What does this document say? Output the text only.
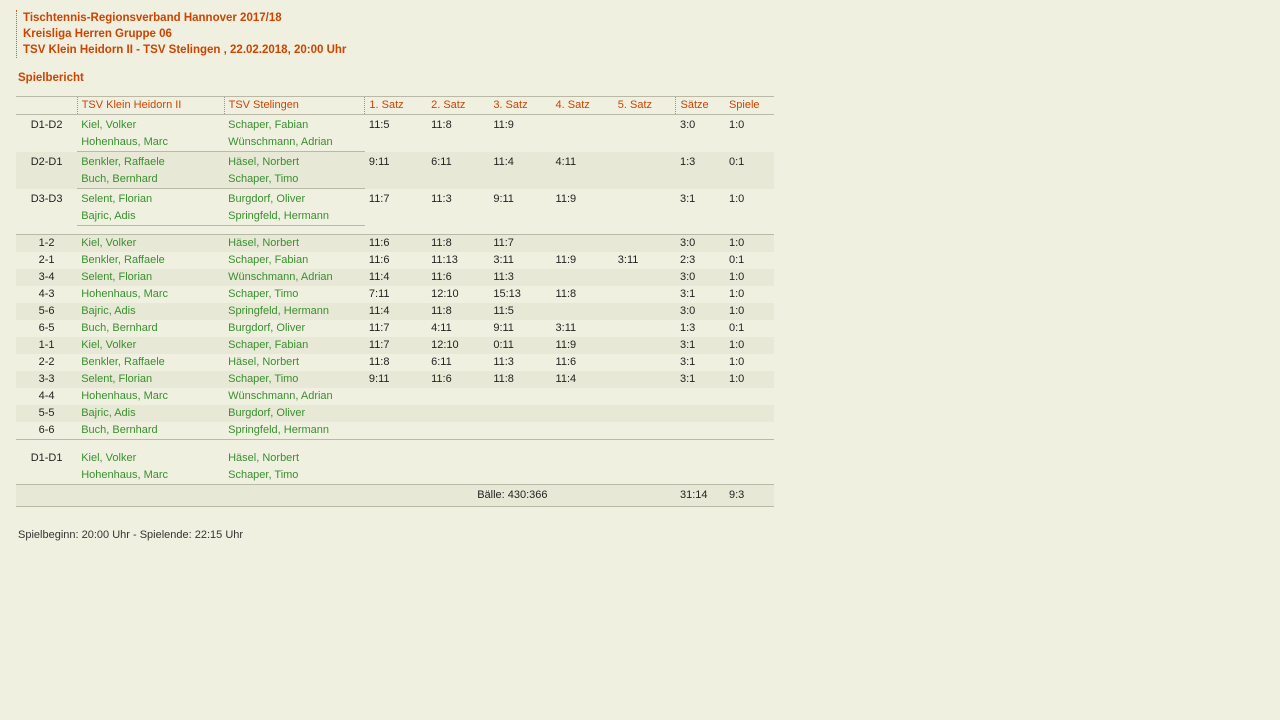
Tischtennis-Regionsverband Hannover 2017/18
Kreisliga Herren Gruppe 06
TSV Klein Heidorn II - TSV Stelingen , 22.02.2018, 20:00 Uhr
Spielbericht
	TSV Klein Heidorn II	TSV Stelingen	1. Satz	2. Satz	3. Satz	4. Satz	5. Satz	Sätze	Spiele
D1-D2	Kiel, Volker	Schaper, Fabian	11:5	11:8	11:9			3:0	1:0
	Hohenhaus, Marc	Wünschmann, Adrian							
D2-D1	Benkler, Raffaele	Häsel, Norbert	9:11	6:11	11:4	4:11		1:3	0:1
	Buch, Bernhard	Schaper, Timo							
D3-D3	Selent, Florian	Burgdorf, Oliver	11:7	11:3	9:11	11:9		3:1	1:0
	Bajric, Adis	Springfeld, Hermann							

1-2	Kiel, Volker	Häsel, Norbert	11:6	11:8	11:7			3:0	1:0
2-1	Benkler, Raffaele	Schaper, Fabian	11:6	11:13	3:11	11:9	3:11	2:3	0:1
3-4	Selent, Florian	Wünschmann, Adrian	11:4	11:6	11:3			3:0	1:0
4-3	Hohenhaus, Marc	Schaper, Timo	7:11	12:10	15:13	11:8		3:1	1:0
5-6	Bajric, Adis	Springfeld, Hermann	11:4	11:8	11:5			3:0	1:0
6-5	Buch, Bernhard	Burgdorf, Oliver	11:7	4:11	9:11	3:11		1:3	0:1
1-1	Kiel, Volker	Schaper, Fabian	11:7	12:10	0:11	11:9		3:1	1:0
2-2	Benkler, Raffaele	Häsel, Norbert	11:8	6:11	11:3	11:6		3:1	1:0
3-3	Selent, Florian	Schaper, Timo	9:11	11:6	11:8	11:4		3:1	1:0
4-4	Hohenhaus, Marc	Wünschmann, Adrian							
5-5	Bajric, Adis	Burgdorf, Oliver							
6-6	Buch, Bernhard	Springfeld, Hermann							

D1-D1	Kiel, Volker	Häsel, Norbert							
	Hohenhaus, Marc	Schaper, Timo							
Bälle: 430:366								31:14	9:3
Spielbeginn: 20:00 Uhr - Spielende: 22:15 Uhr
